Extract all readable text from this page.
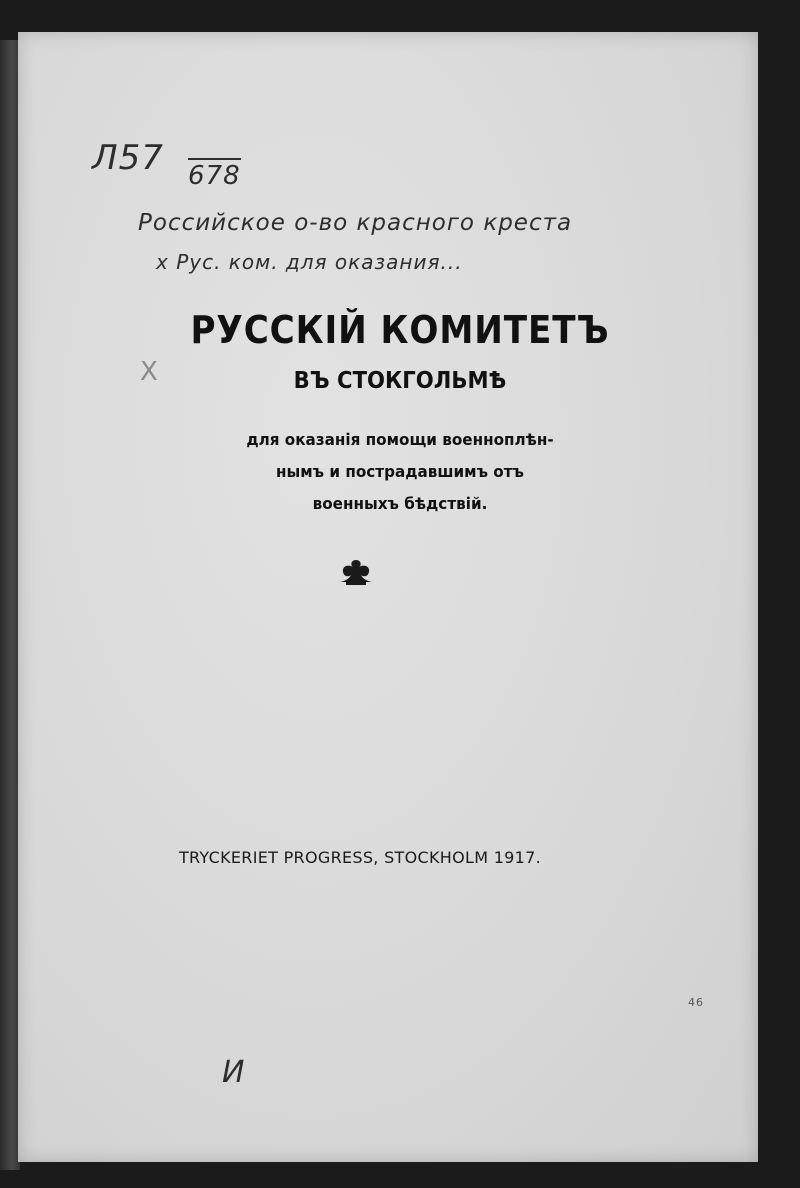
Л57 678
Российское о-во красного креста
х Рус. ком. для оказания...
Х
РУССКІЙ КОМИТЕТЪ
ВЪ СТОКГОЛЬМѢ
для оказанія помощи военноплѣн-
нымъ и пострадавшимъ отъ
военныхъ бѣдствій.
TRYCKERIET PROGRESS, STOCKHOLM 1917.
46
И
